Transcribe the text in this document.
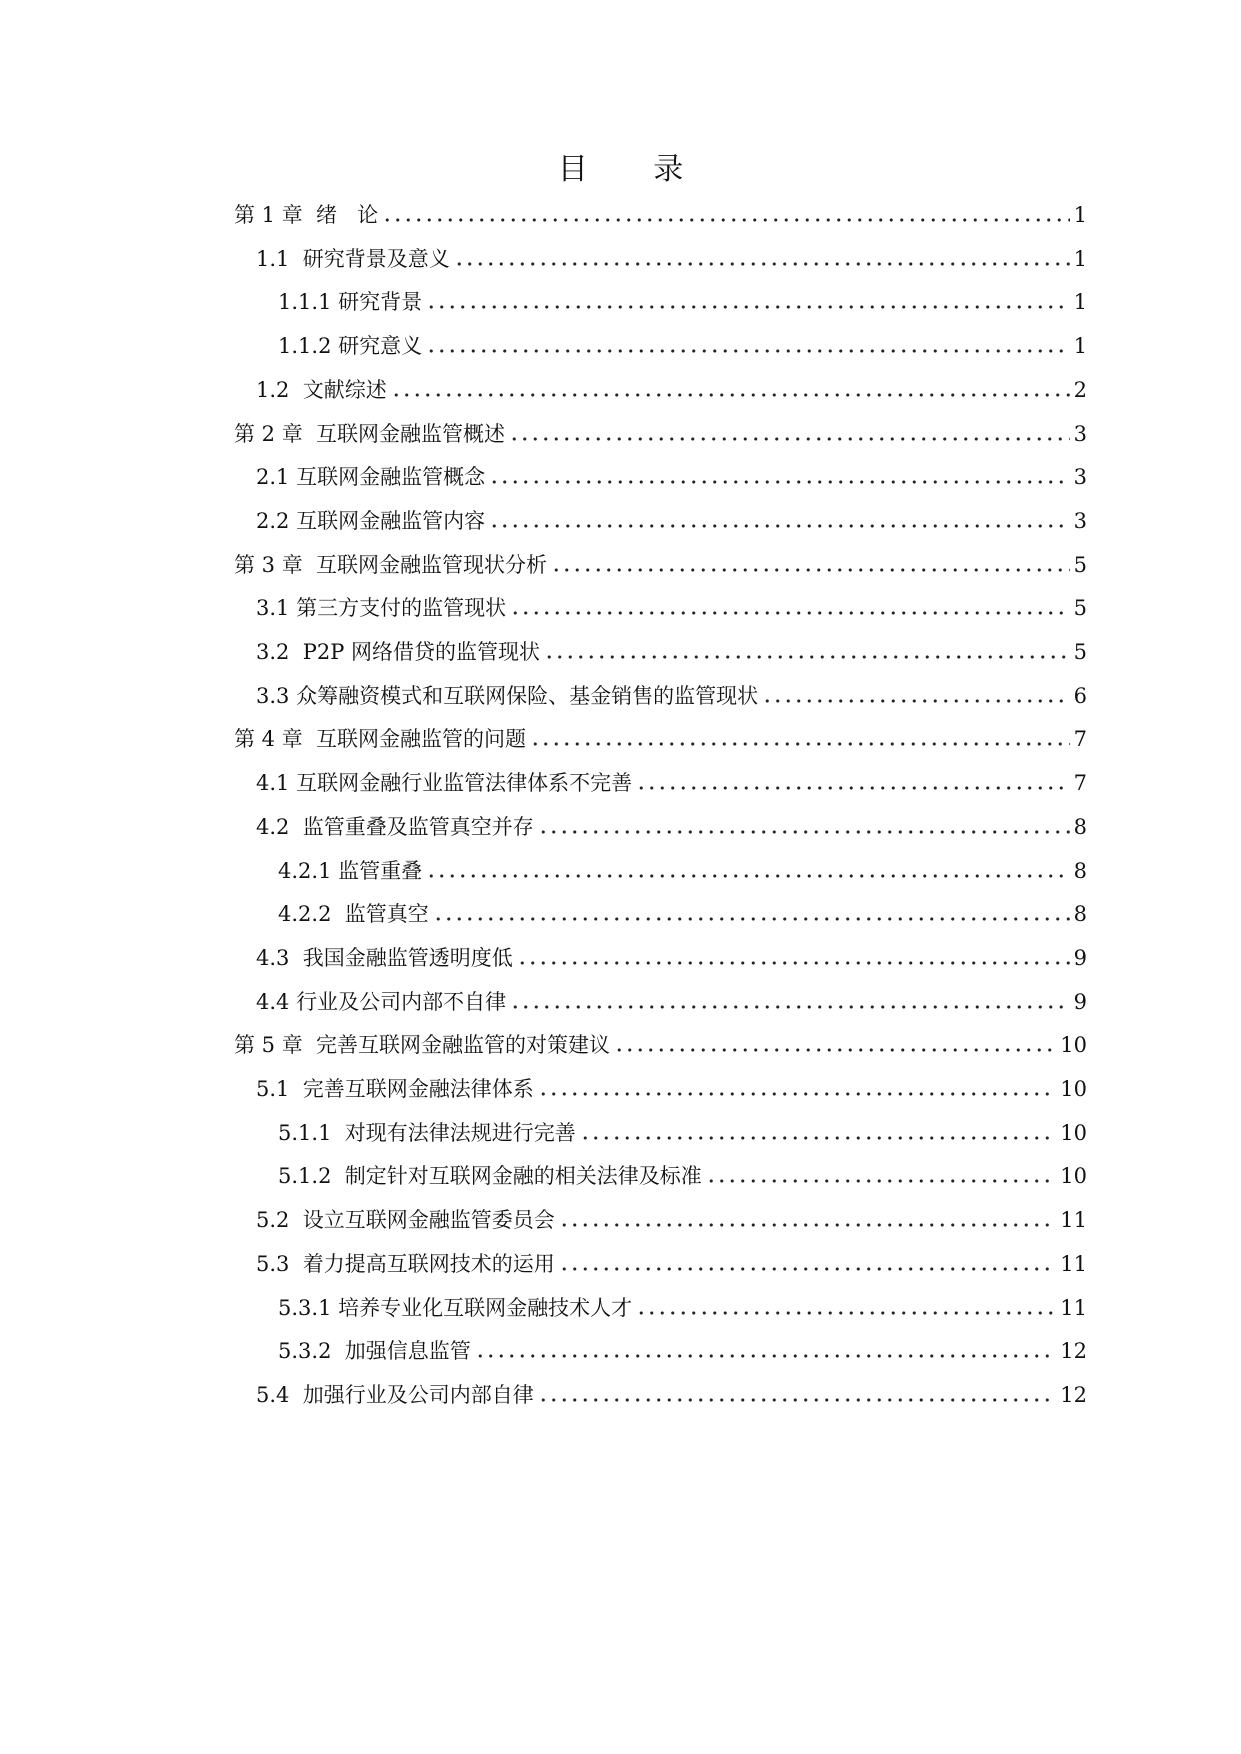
目 录
第 1 章  绪   论	1
1.1  研究背景及意义	1
1.1.1 研究背景	1
1.1.2 研究意义	1
1.2  文献综述	2
第 2 章  互联网金融监管概述	3
2.1 互联网金融监管概念	3
2.2 互联网金融监管内容	3
第 3 章  互联网金融监管现状分析	5
3.1 第三方支付的监管现状	5
3.2  P2P 网络借贷的监管现状	5
3.3 众筹融资模式和互联网保险、基金销售的监管现状	6
第 4 章  互联网金融监管的问题	7
4.1 互联网金融行业监管法律体系不完善	7
4.2  监管重叠及监管真空并存	8
4.2.1 监管重叠	8
4.2.2  监管真空	8
4.3  我国金融监管透明度低	9
4.4 行业及公司内部不自律	9
第 5 章  完善互联网金融监管的对策建议	10
5.1  完善互联网金融法律体系	10
5.1.1  对现有法律法规进行完善	10
5.1.2  制定针对互联网金融的相关法律及标准	10
5.2  设立互联网金融监管委员会	11
5.3  着力提高互联网技术的运用	11
5.3.1 培养专业化互联网金融技术人才	11
5.3.2  加强信息监管	12
5.4  加强行业及公司内部自律	12
